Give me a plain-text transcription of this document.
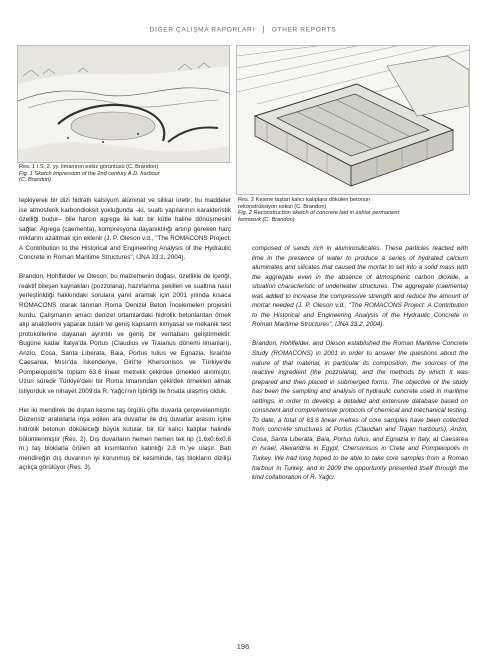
DİĞER ÇALIŞMA RAPORLARI	OTHER REPORTS
Res. 1 I.S. 2. yy. limanının eskiz görüntüsü (C. Brandon)
Fig. 1 Sketch impression of the 2nd century A.D. harbour
(C. Brandon)
Res. 2 Kesme taştan kalıcı kalıplara dökülen betonun
rekonstrüksiyon eskizi (C. Brandon)
Fig. 2 Reconstruction sketch of concrete laid in ashlar permanent
formwork (C. Brandon)

tepkiyerek bir dizi hidratlı kalsiyum alüminat ve silikat üretir; bu maddeler ise atmosferik karbondioksit yokluğunda –ki, sualtı yapılarının karakteristik özelliği budur– bile harcın agrega ile katı bir kütle haline dönüşmesini sağlar. Agrega (caementa), kompresyona dayanıklılığı artırıp gereken harç miktarını azaltmak için eklenir (J. P. Oleson v.d., "The ROMACONS Project: A Contribution to the Historical and Engineering Analysis of the Hydraulic Concrete in Roman Maritime Structures", IJNA 33.2, 2004).

Brandon, Hohlfelder ve Oleson, bu malzemenin doğası, özellikle de içeriği, reaktif bileşen kaynakları (pozzolana), hazırlanma şekilleri ve sualtına nasıl yerleştirildiği hakkındaki sorulara yanıt aramak için 2001 yılında kısaca ROMACONS olarak tanınan Roma Denizel Beton İncelemeleri projesini kurdu. Çalışmanın amacı denizel ortamlardaki hidrolik betonlardan örnek alıp analizlerini yaparak tutarlı ve geniş kapsamlı kimyasal ve mekanik test protokollerine dayanan ayrıntılı ve geniş bir veritabanı geliştirmektir. Bugüne kadar İtalya'da Portus (Claudius ve Traianus dönemi limanları), Anzio, Cosa, Santa Liberata, Baia, Portus Iulius ve Egnazia, İsrail'de Caesarea, Mısır'da İskenderiye, Girit'te Khersonisos ve Türkiye'de Pompeiopolis'te toplam 63.6 lineer metrelik çekirdek örnekleri alınmıştır. Uzun süredir Türkiye'deki bir Roma limanından çekirdek örnekleri almak istiyorduk ve nihayet 2009'da R. Yağcı'nın işbirliği ile fırsata ulaşmış olduk.

Her iki mendirek de dıştan kesme taş örgülü çifte duvarla çerçevelenmiştir. Düzensiz aralıklarla inşa edilen ara duvarlar ile dış duvarlar arasını içine hidrolik betonun döküleceği büyük kutular, bir tür kalıcı kalıplar halinde bölümlenmiştir (Res. 2). Dış duvarların hemen hemen tek tip (1.6x0.6x0.6 m.) taş bloklarla örülen alt kısımlarının kalınlığı 2.8 m.'ye ulaşır. Batı mendireğin dış duvarının iyi korunmuş bir kesiminde, taş blokların dizilişi açıkça görülüyor (Res. 3).

composed of sands rich in aluminosilicates. These particles reacted with lime in the presence of water to produce a series of hydrated calcium aluminates and silicates that caused the mortar to set into a solid mass with the aggregate even in the absence of atmospheric carbon dioxide, a situation characteristic of underwater structures. The aggregate (caementa) was added to increase the compressive strength and reduce the amount of mortar needed (J. P. Oleson v.d., "The ROMACONS Project: A Contribution to the Historical and Engineering Analysis of the Hydraulic Concrete in Roman Maritime Structures", IJNA 33.2, 2004).

Brandon, Hohlfelder, and Oleson established the Roman Maritime Concrete Study (ROMACONS) in 2001 in order to answer the questions about the nature of that material, in particular its composition, the sources of the reactive ingredient (the pozzolana), and the methods by which it was prepared and then placed in submerged forms. The objective of the study has been the sampling and analysis of hydraulic concrete used in maritime settings, in order to develop a detailed and extensive database based on consistent and comprehensive protocols of chemical and mechanical testing. To date, a total of 63.6 linear metres of core samples have been collected from concrete structures at Portus (Claudian and Trajan harbours), Anzio, Cosa, Santa Liberata, Baia, Portus Iulius, and Egnazia in Italy, at Caesarea in Israel, Alexandria in Egypt, Chersonisos in Crete and Pompeiopolis in Turkey. We had long hoped to be able to take core samples from a Roman harbour in Turkey, and in 2009 the opportunity presented itself through the kind collaboration of R. Yağcı.

196
